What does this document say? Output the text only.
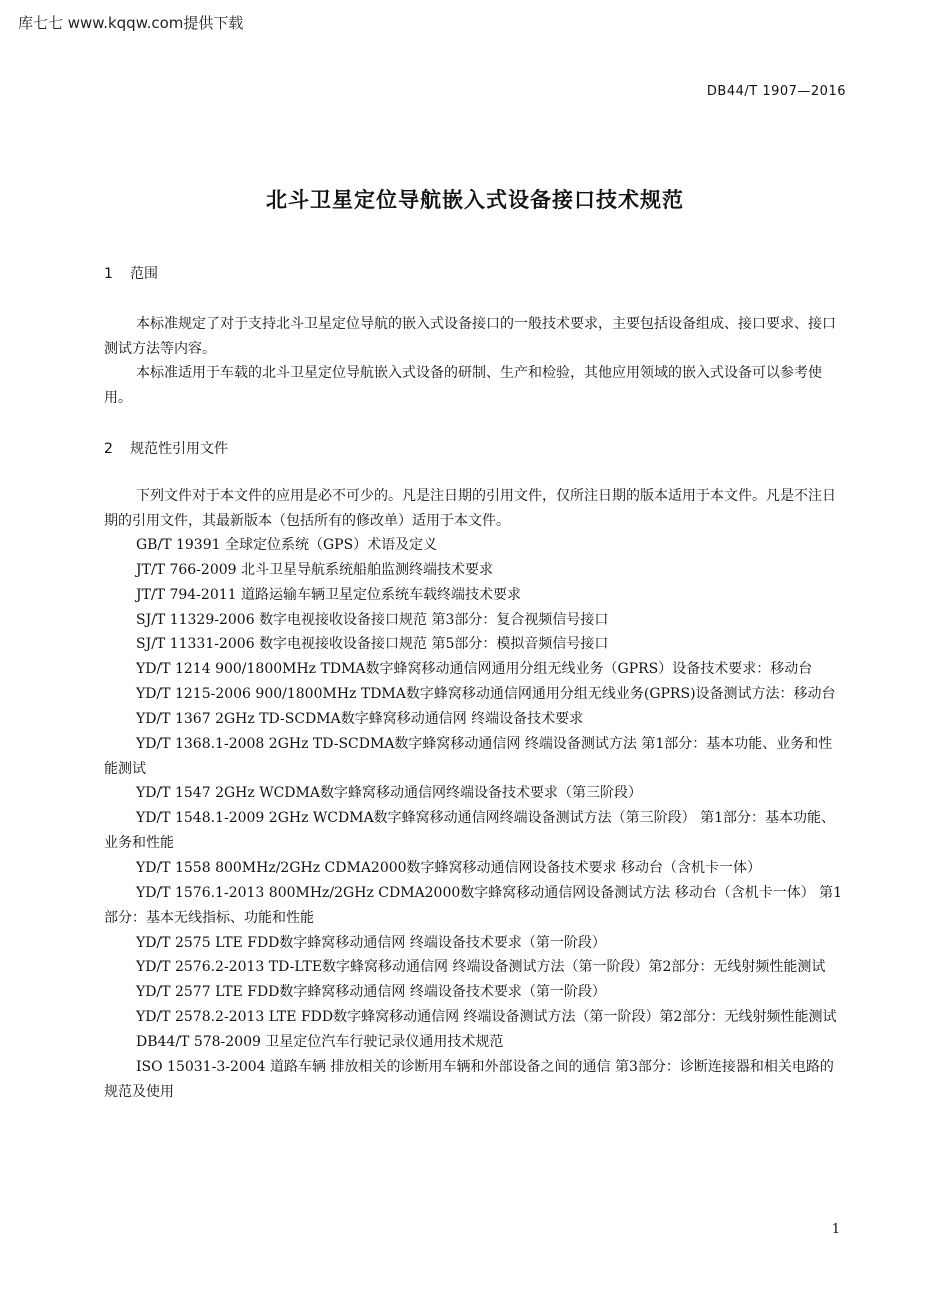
库七七 www.kqqw.com提供下载
DB44/T 1907—2016
北斗卫星定位导航嵌入式设备接口技术规范
1 范围

本标准规定了对于支持北斗卫星定位导航的嵌入式设备接口的一般技术要求，主要包括设备组成、接口要求、接口测试方法等内容。

本标准适用于车载的北斗卫星定位导航嵌入式设备的研制、生产和检验，其他应用领域的嵌入式设备可以参考使用。

2 规范性引用文件

下列文件对于本文件的应用是必不可少的。凡是注日期的引用文件，仅所注日期的版本适用于本文件。凡是不注日期的引用文件，其最新版本（包括所有的修改单）适用于本文件。

GB/T 19391 全球定位系统（GPS）术语及定义
JT/T 766-2009 北斗卫星导航系统船舶监测终端技术要求
JT/T 794-2011 道路运输车辆卫星定位系统车载终端技术要求
SJ/T 11329-2006 数字电视接收设备接口规范 第3部分：复合视频信号接口
SJ/T 11331-2006 数字电视接收设备接口规范 第5部分：模拟音频信号接口
YD/T 1214 900/1800MHz TDMA数字蜂窝移动通信网通用分组无线业务（GPRS）设备技术要求：移动台
YD/T 1215-2006 900/1800MHz TDMA数字蜂窝移动通信网通用分组无线业务(GPRS)设备测试方法：移动台
YD/T 1367 2GHz TD-SCDMA数字蜂窝移动通信网 终端设备技术要求
YD/T 1368.1-2008 2GHz TD-SCDMA数字蜂窝移动通信网 终端设备测试方法 第1部分：基本功能、业务和性能测试
YD/T 1547 2GHz WCDMA数字蜂窝移动通信网终端设备技术要求（第三阶段）
YD/T 1548.1-2009 2GHz WCDMA数字蜂窝移动通信网终端设备测试方法（第三阶段） 第1部分：基本功能、业务和性能
YD/T 1558 800MHz/2GHz CDMA2000数字蜂窝移动通信网设备技术要求 移动台（含机卡一体）
YD/T 1576.1-2013 800MHz/2GHz CDMA2000数字蜂窝移动通信网设备测试方法 移动台（含机卡一体） 第1部分：基本无线指标、功能和性能
YD/T 2575 LTE FDD数字蜂窝移动通信网 终端设备技术要求（第一阶段）
YD/T 2576.2-2013 TD-LTE数字蜂窝移动通信网 终端设备测试方法（第一阶段）第2部分：无线射频性能测试
YD/T 2577 LTE FDD数字蜂窝移动通信网 终端设备技术要求（第一阶段）
YD/T 2578.2-2013 LTE FDD数字蜂窝移动通信网 终端设备测试方法（第一阶段）第2部分：无线射频性能测试
DB44/T 578-2009 卫星定位汽车行驶记录仪通用技术规范
ISO 15031-3-2004 道路车辆 排放相关的诊断用车辆和外部设备之间的通信 第3部分：诊断连接器和相关电路的规范及使用
1
